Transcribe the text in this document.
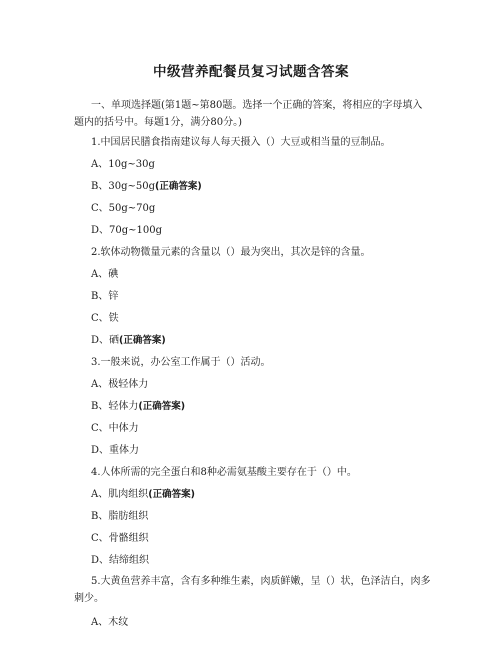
中级营养配餐员复习试题含答案
一、单项选择题(第1题~第80题。选择一个正确的答案，将相应的字母填入
题内的括号中。每题1分，满分80分。)
1.中国居民膳食指南建议每人每天摄入（）大豆或相当量的豆制品。
A、10g~30g
B、30g~50g(正确答案)
C、50g~70g
D、70g~100g
2.软体动物微量元素的含量以（）最为突出，其次是锌的含量。
A、碘
B、锌
C、铁
D、硒(正确答案)
3.一般来说，办公室工作属于（）活动。
A、极轻体力
B、轻体力(正确答案)
C、中体力
D、重体力
4.人体所需的完全蛋白和8种必需氨基酸主要存在于（）中。
A、肌肉组织(正确答案)
B、脂肪组织
C、骨骼组织
D、结缔组织
5.大黄鱼营养丰富，含有多种维生素，肉质鲜嫩，呈（）状，色泽洁白，肉多
刺少。
A、木纹
